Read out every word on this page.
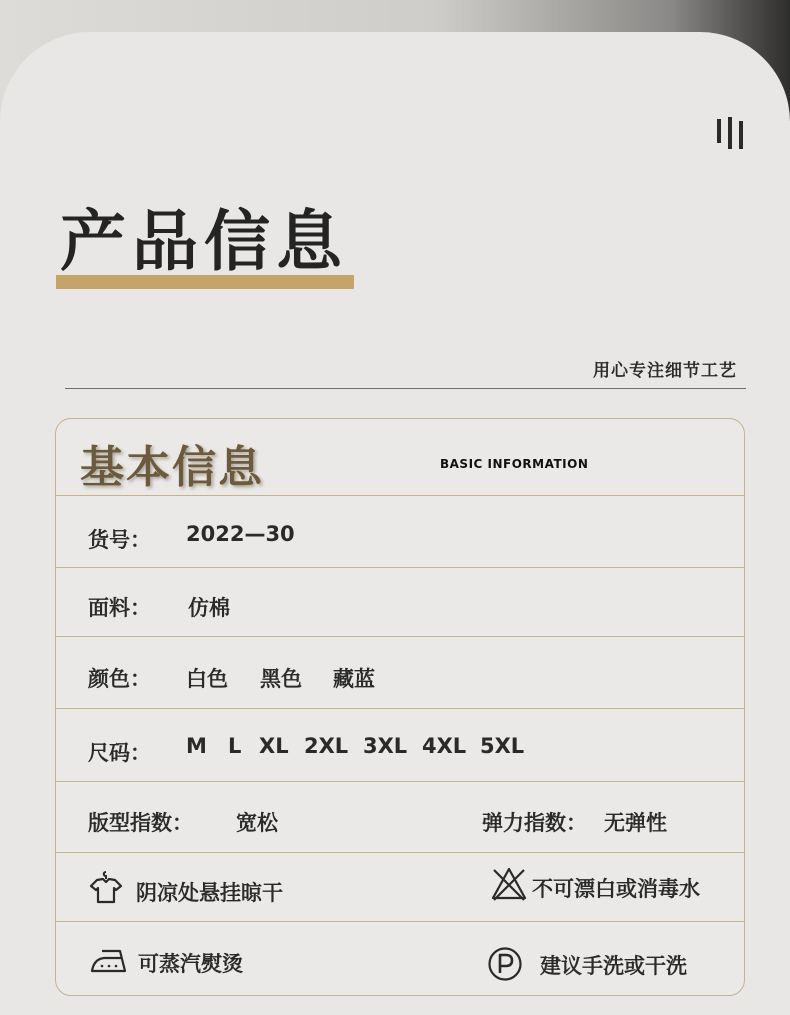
产品信息
用心专注细节工艺
基本信息	BASIC INFORMATION
货号： 2022—30
面料： 仿棉
颜色： 白色 黑色 藏蓝
尺码： M L XL 2XL 3XL 4XL 5XL
版型指数： 宽松	弹力指数： 无弹性
阴凉处悬挂晾干	不可漂白或消毒水
可蒸汽熨烫	建议手洗或干洗
